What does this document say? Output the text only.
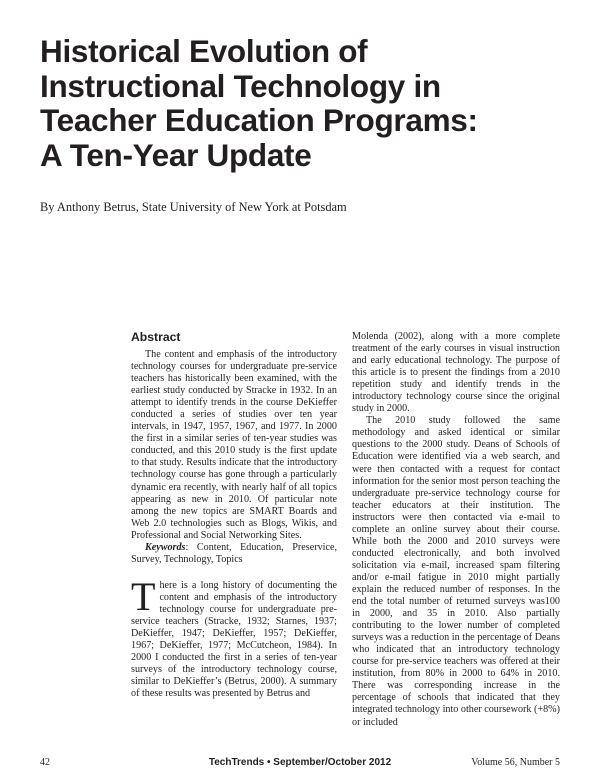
Historical Evolution of
Instructional Technology in
Teacher Education Programs:
A Ten-Year Update

By Anthony Betrus, State University of New York at Potsdam

Abstract

The content and emphasis of the introductory technology courses for undergraduate pre-service teachers has historically been examined, with the earliest study conducted by Stracke in 1932. In an attempt to identify trends in the course DeKieffer conducted a series of studies over ten year intervals, in 1947, 1957, 1967, and 1977. In 2000 the first in a similar series of ten-year studies was conducted, and this 2010 study is the first update to that study. Results indicate that the introductory technology course has gone through a particularly dynamic era recently, with nearly half of all topics appearing as new in 2010. Of particular note among the new topics are SMART Boards and Web 2.0 technologies such as Blogs, Wikis, and Professional and Social Networking Sites.

Keywords: Content, Education, Preservice, Survey, Technology, Topics

There is a long history of documenting the content and emphasis of the introductory technology course for undergraduate pre-service teachers (Stracke, 1932; Starnes, 1937; DeKieffer, 1947; DeKieffer, 1957; DeKieffer, 1967; DeKieffer, 1977; McCutcheon, 1984). In 2000 I conducted the first in a series of ten-year surveys of the introductory technology course, similar to DeKieffer’s (Betrus, 2000). A summary of these results was presented by Betrus and

Molenda (2002), along with a more complete treatment of the early courses in visual instruction and early educational technology. The purpose of this article is to present the findings from a 2010 repetition study and identify trends in the introductory technology course since the original study in 2000.

The 2010 study followed the same methodology and asked identical or similar questions to the 2000 study. Deans of Schools of Education were identified via a web search, and were then contacted with a request for contact information for the senior most person teaching the undergraduate pre-service technology course for teacher educators at their institution. The instructors were then contacted via e-mail to complete an online survey about their course. While both the 2000 and 2010 surveys were conducted electronically, and both involved solicitation via e-mail, increased spam filtering and/or e-mail fatigue in 2010 might partially explain the reduced number of responses. In the end the total number of returned surveys was100 in 2000, and 35 in 2010. Also partially contributing to the lower number of completed surveys was a reduction in the percentage of Deans who indicated that an introductory technology course for pre-service teachers was offered at their institution, from 80% in 2000 to 64% in 2010. There was corresponding increase in the percentage of schools that indicated that they integrated technology into other coursework (+8%) or included

42	TechTrends • September/October 2012	Volume 56, Number 5
